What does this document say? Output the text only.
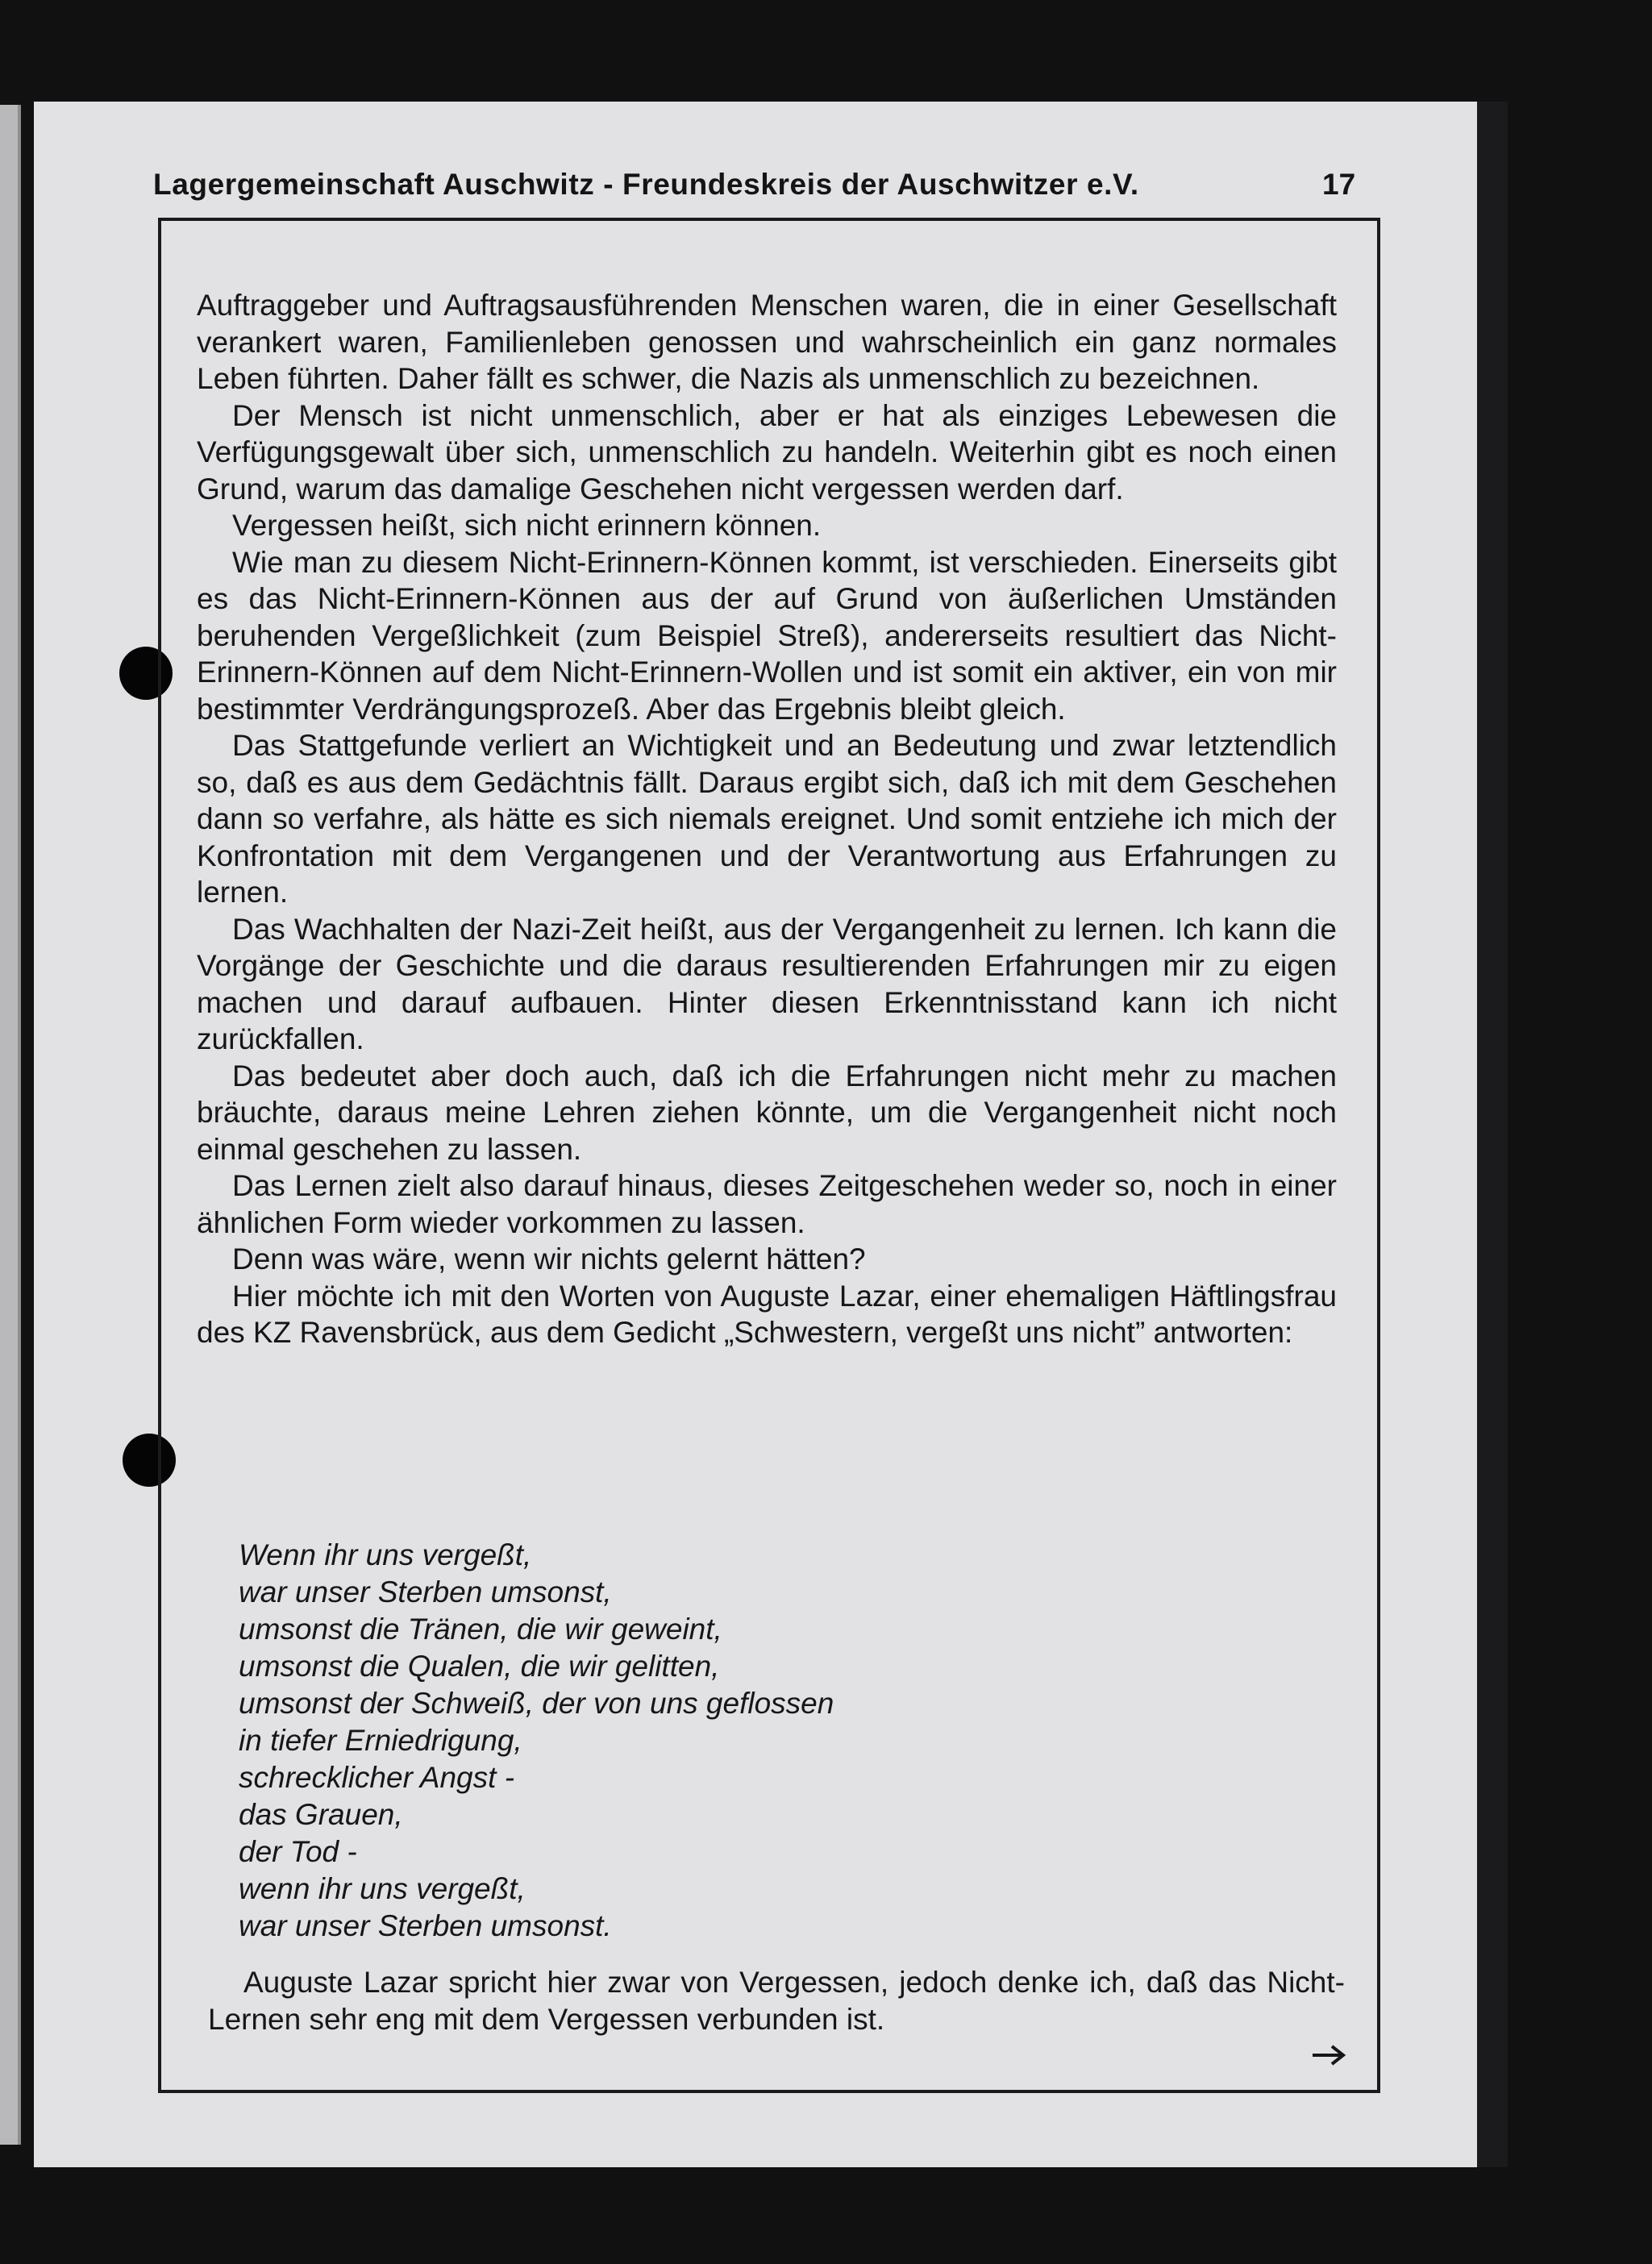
Lagergemeinschaft Auschwitz - Freundeskreis der Auschwitzer e.V.	17

Auftraggeber und Auftragsausführenden Menschen waren, die in einer Gesellschaft verankert waren, Familienleben genossen und wahrscheinlich ein ganz normales Leben führten. Daher fällt es schwer, die Nazis als unmenschlich zu bezeichnen.

Der Mensch ist nicht unmenschlich, aber er hat als einziges Lebewesen die Verfügungsgewalt über sich, unmenschlich zu handeln. Weiterhin gibt es noch einen Grund, warum das damalige Geschehen nicht vergessen werden darf.

Vergessen heißt, sich nicht erinnern können.

Wie man zu diesem Nicht-Erinnern-Können kommt, ist verschieden. Einerseits gibt es das Nicht-Erinnern-Können aus der auf Grund von äußerlichen Umständen beruhenden Vergeßlichkeit (zum Beispiel Streß), andererseits resultiert das Nicht-Erinnern-Können auf dem Nicht-Erinnern-Wollen und ist somit ein aktiver, ein von mir bestimmter Verdrängungsprozeß. Aber das Ergebnis bleibt gleich.

Das Stattgefunde verliert an Wichtigkeit und an Bedeutung und zwar letztendlich so, daß es aus dem Gedächtnis fällt. Daraus ergibt sich, daß ich mit dem Geschehen dann so verfahre, als hätte es sich niemals ereignet. Und somit entziehe ich mich der Konfrontation mit dem Vergangenen und der Verantwortung aus Erfahrungen zu lernen.

Das Wachhalten der Nazi-Zeit heißt, aus der Vergangenheit zu lernen. Ich kann die Vorgänge der Geschichte und die daraus resultierenden Erfahrungen mir zu eigen machen und darauf aufbauen. Hinter diesen Erkenntnisstand kann ich nicht zurückfallen.

Das bedeutet aber doch auch, daß ich die Erfahrungen nicht mehr zu machen bräuchte, daraus meine Lehren ziehen könnte, um die Vergangenheit nicht noch einmal geschehen zu lassen.

Das Lernen zielt also darauf hinaus, dieses Zeitgeschehen weder so, noch in einer ähnlichen Form wieder vorkommen zu lassen.

Denn was wäre, wenn wir nichts gelernt hätten?

Hier möchte ich mit den Worten von Auguste Lazar, einer ehemaligen Häftlingsfrau des KZ Ravensbrück, aus dem Gedicht „Schwestern, vergeßt uns nicht” antworten:

Wenn ihr uns vergeßt,
war unser Sterben umsonst,
umsonst die Tränen, die wir geweint,
umsonst die Qualen, die wir gelitten,
umsonst der Schweiß, der von uns geflossen
in tiefer Erniedrigung,
schrecklicher Angst -
das Grauen,
der Tod -
wenn ihr uns vergeßt,
war unser Sterben umsonst.

Auguste Lazar spricht hier zwar von Vergessen, jedoch denke ich, daß das Nicht-Lernen sehr eng mit dem Vergessen verbunden ist.
